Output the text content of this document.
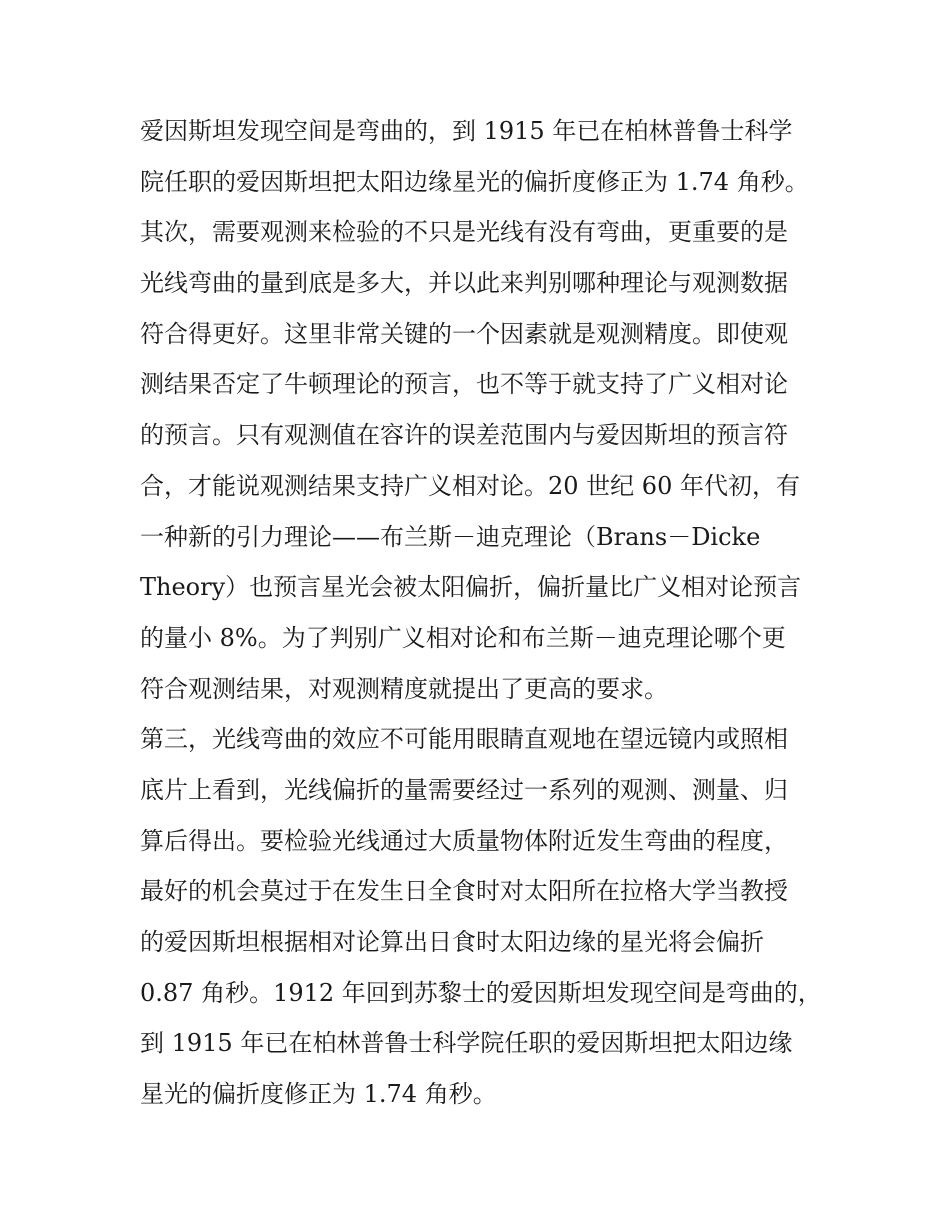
爱因斯坦发现空间是弯曲的，到 1915 年已在柏林普鲁士科学
院任职的爱因斯坦把太阳边缘星光的偏折度修正为 1.74 角秒。
其次，需要观测来检验的不只是光线有没有弯曲，更重要的是
光线弯曲的量到底是多大，并以此来判别哪种理论与观测数据
符合得更好。这里非常关键的一个因素就是观测精度。即使观
测结果否定了牛顿理论的预言，也不等于就支持了广义相对论
的预言。只有观测值在容许的误差范围内与爱因斯坦的预言符
合，才能说观测结果支持广义相对论。20 世纪 60 年代初，有
一种新的引力理论——布兰斯－迪克理论（Brans－Dicke
Theory）也预言星光会被太阳偏折，偏折量比广义相对论预言
的量小 8%。为了判别广义相对论和布兰斯－迪克理论哪个更
符合观测结果，对观测精度就提出了更高的要求。
第三，光线弯曲的效应不可能用眼睛直观地在望远镜内或照相
底片上看到，光线偏折的量需要经过一系列的观测、测量、归
算后得出。要检验光线通过大质量物体附近发生弯曲的程度，
最好的机会莫过于在发生日全食时对太阳所在拉格大学当教授
的爱因斯坦根据相对论算出日食时太阳边缘的星光将会偏折
0.87 角秒。1912 年回到苏黎士的爱因斯坦发现空间是弯曲的，
到 1915 年已在柏林普鲁士科学院任职的爱因斯坦把太阳边缘
星光的偏折度修正为 1.74 角秒。
